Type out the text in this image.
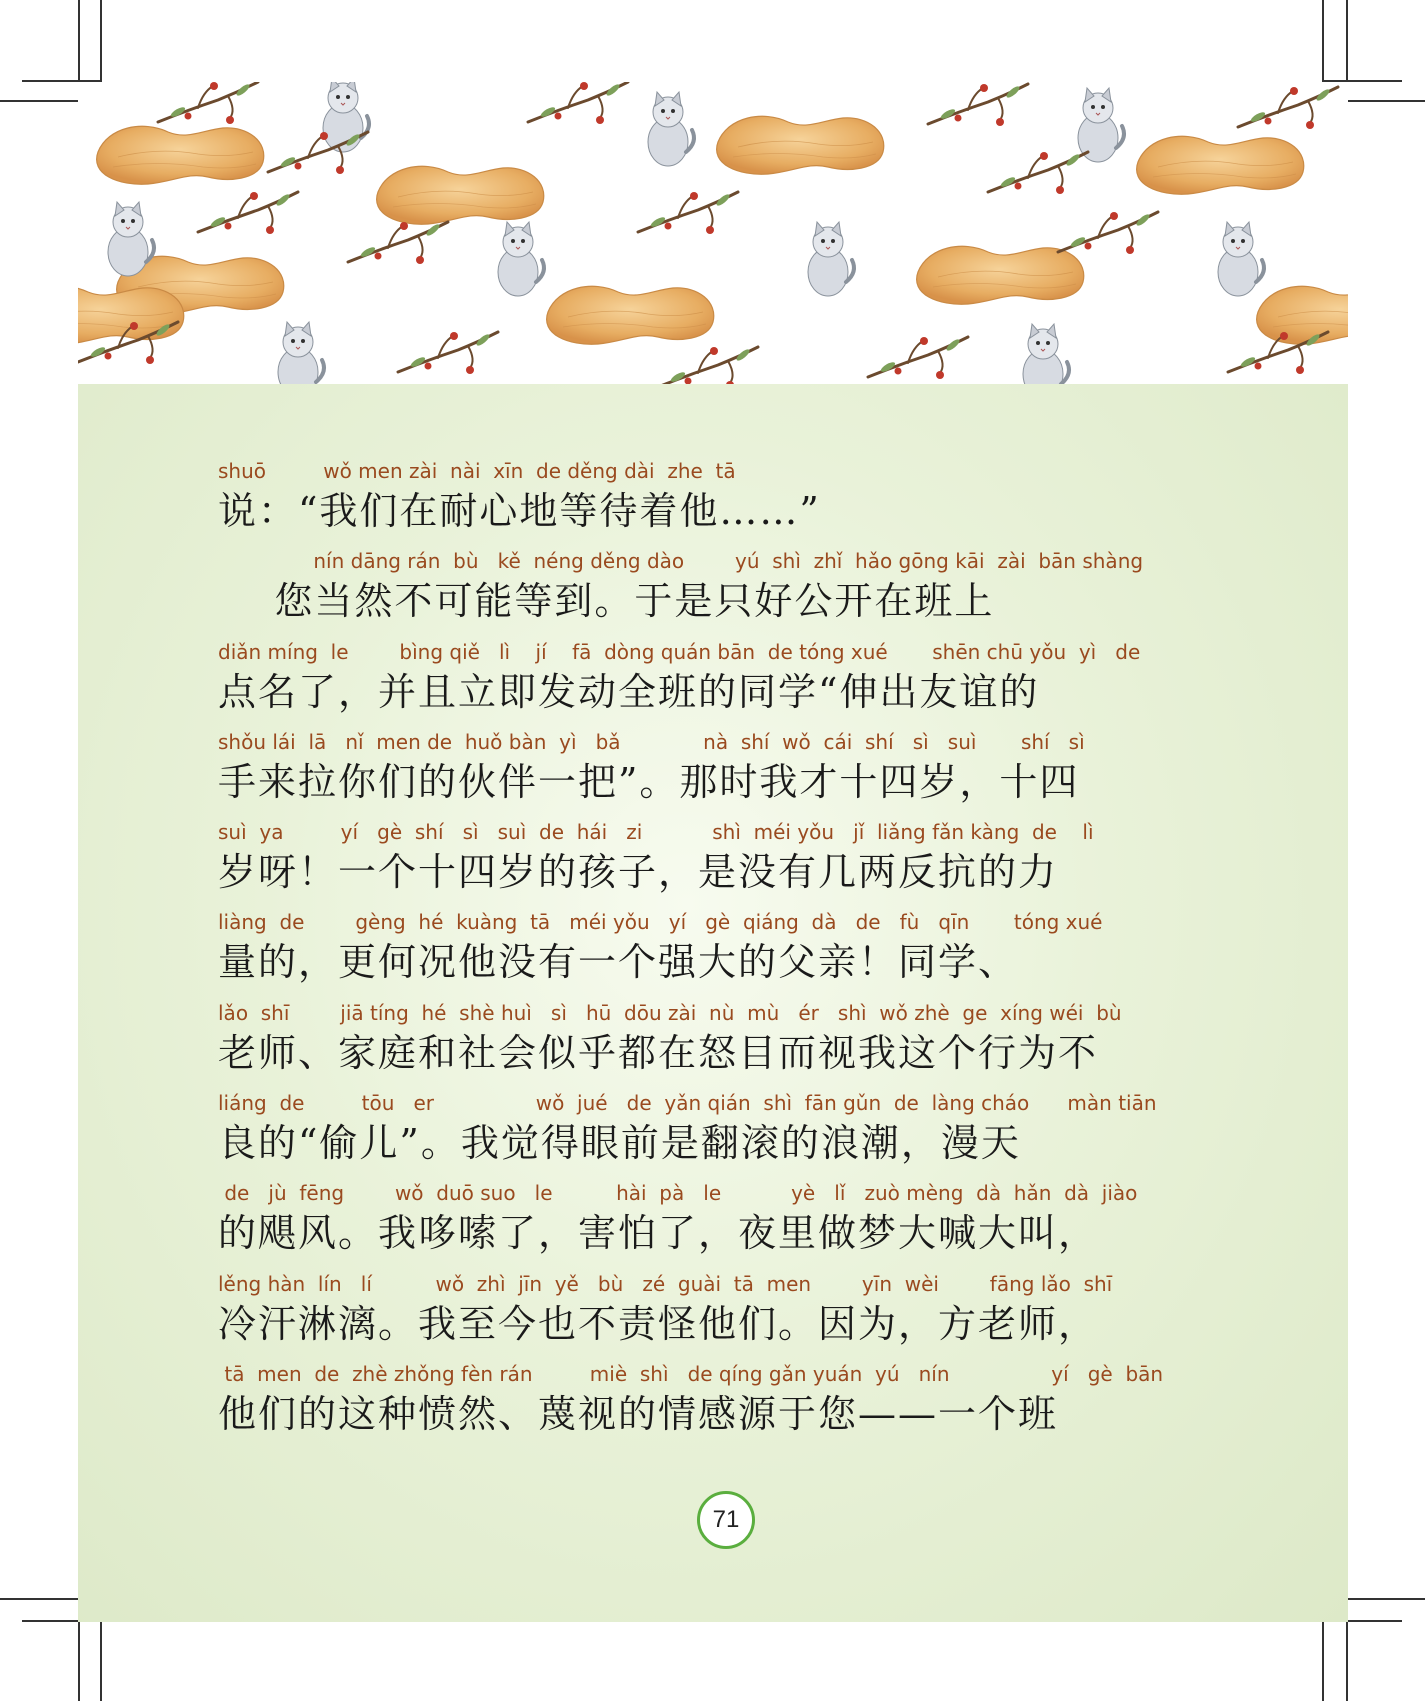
shuō         wǒ men zài  nài  xīn  de děng dài  zhe  tā
说：“我们在耐心地等待着他……”
nín dāng rán  bù   kě  néng děng dào        yú  shì  zhǐ  hǎo gōng kāi  zài  bān shàng
您当然不可能等到。于是只好公开在班上
diǎn míng  le        bìng qiě   lì    jí    fā  dòng quán bān  de tóng xué       shēn chū yǒu  yì   de
点名了，并且立即发动全班的同学“伸出友谊的
shǒu lái  lā   nǐ  men de  huǒ bàn  yì   bǎ             nà  shí  wǒ  cái  shí   sì   suì       shí   sì
手来拉你们的伙伴一把”。那时我才十四岁，十四
suì  ya         yí   gè  shí   sì   suì  de  hái   zi           shì  méi yǒu   jǐ  liǎng fǎn kàng  de    lì
岁呀！一个十四岁的孩子，是没有几两反抗的力
liàng  de        gèng  hé  kuàng  tā   méi yǒu   yí   gè  qiáng  dà   de   fù   qīn       tóng xué
量的，更何况他没有一个强大的父亲！同学、
lǎo  shī        jiā tíng  hé  shè huì   sì   hū  dōu zài  nù  mù   ér   shì  wǒ zhè  ge  xíng wéi  bù
老师、家庭和社会似乎都在怒目而视我这个行为不
liáng  de         tōu   er                wǒ  jué   de  yǎn qián  shì  fān gǔn  de  làng cháo      màn tiān
良的“偷儿”。我觉得眼前是翻滚的浪潮，漫天
de   jù  fēng        wǒ  duō suo   le          hài  pà   le           yè   lǐ   zuò mèng  dà  hǎn  dà  jiào
的飓风。我哆嗦了，害怕了，夜里做梦大喊大叫，
lěng hàn  lín   lí          wǒ  zhì  jīn  yě   bù   zé  guài  tā  men        yīn  wèi        fāng lǎo  shī
冷汗淋漓。我至今也不责怪他们。因为，方老师，
tā  men  de  zhè zhǒng fèn rán         miè  shì   de qíng gǎn yuán  yú   nín                yí   gè  bān
他们的这种愤然、蔑视的情感源于您——一个班
71
